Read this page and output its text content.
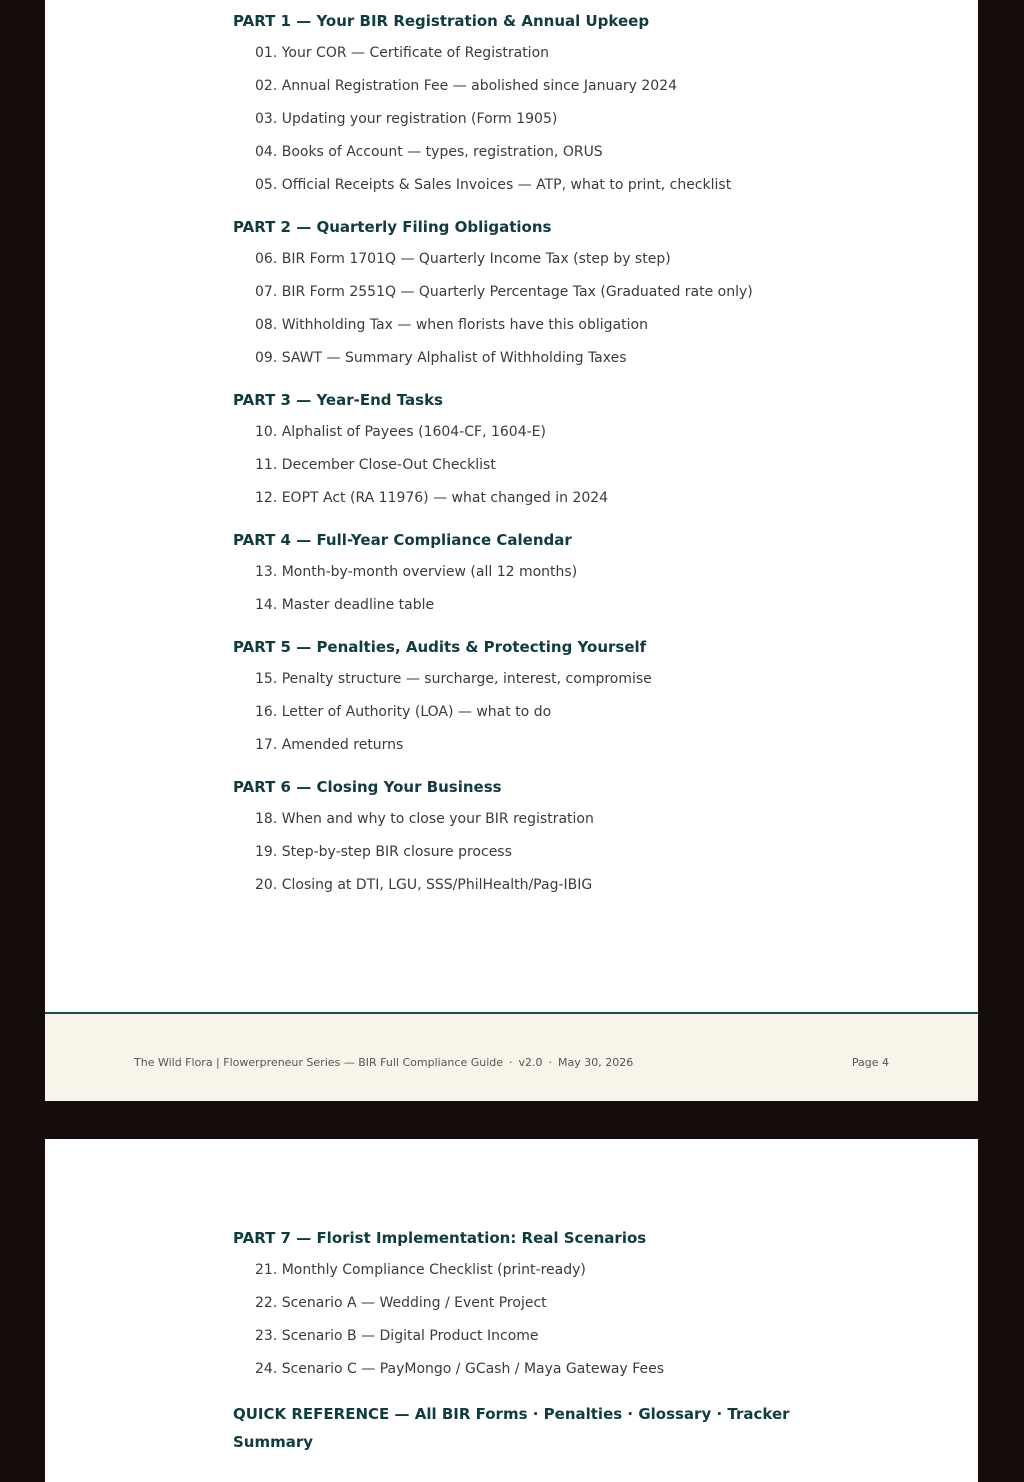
PART 1 — Your BIR Registration & Annual Upkeep
01. Your COR — Certificate of Registration
02. Annual Registration Fee — abolished since January 2024
03. Updating your registration (Form 1905)
04. Books of Account — types, registration, ORUS
05. Official Receipts & Sales Invoices — ATP, what to print, checklist
PART 2 — Quarterly Filing Obligations
06. BIR Form 1701Q — Quarterly Income Tax (step by step)
07. BIR Form 2551Q — Quarterly Percentage Tax (Graduated rate only)
08. Withholding Tax — when florists have this obligation
09. SAWT — Summary Alphalist of Withholding Taxes
PART 3 — Year-End Tasks
10. Alphalist of Payees (1604-CF, 1604-E)
11. December Close-Out Checklist
12. EOPT Act (RA 11976) — what changed in 2024
PART 4 — Full-Year Compliance Calendar
13. Month-by-month overview (all 12 months)
14. Master deadline table
PART 5 — Penalties, Audits & Protecting Yourself
15. Penalty structure — surcharge, interest, compromise
16. Letter of Authority (LOA) — what to do
17. Amended returns
PART 6 — Closing Your Business
18. When and why to close your BIR registration
19. Step-by-step BIR closure process
20. Closing at DTI, LGU, SSS/PhilHealth/Pag-IBIG
The Wild Flora | Flowerpreneur Series — BIR Full Compliance Guide · v2.0 · May 30, 2026	Page 4
PART 7 — Florist Implementation: Real Scenarios
21. Monthly Compliance Checklist (print-ready)
22. Scenario A — Wedding / Event Project
23. Scenario B — Digital Product Income
24. Scenario C — PayMongo / GCash / Maya Gateway Fees
QUICK REFERENCE — All BIR Forms · Penalties · Glossary · Tracker Summary
